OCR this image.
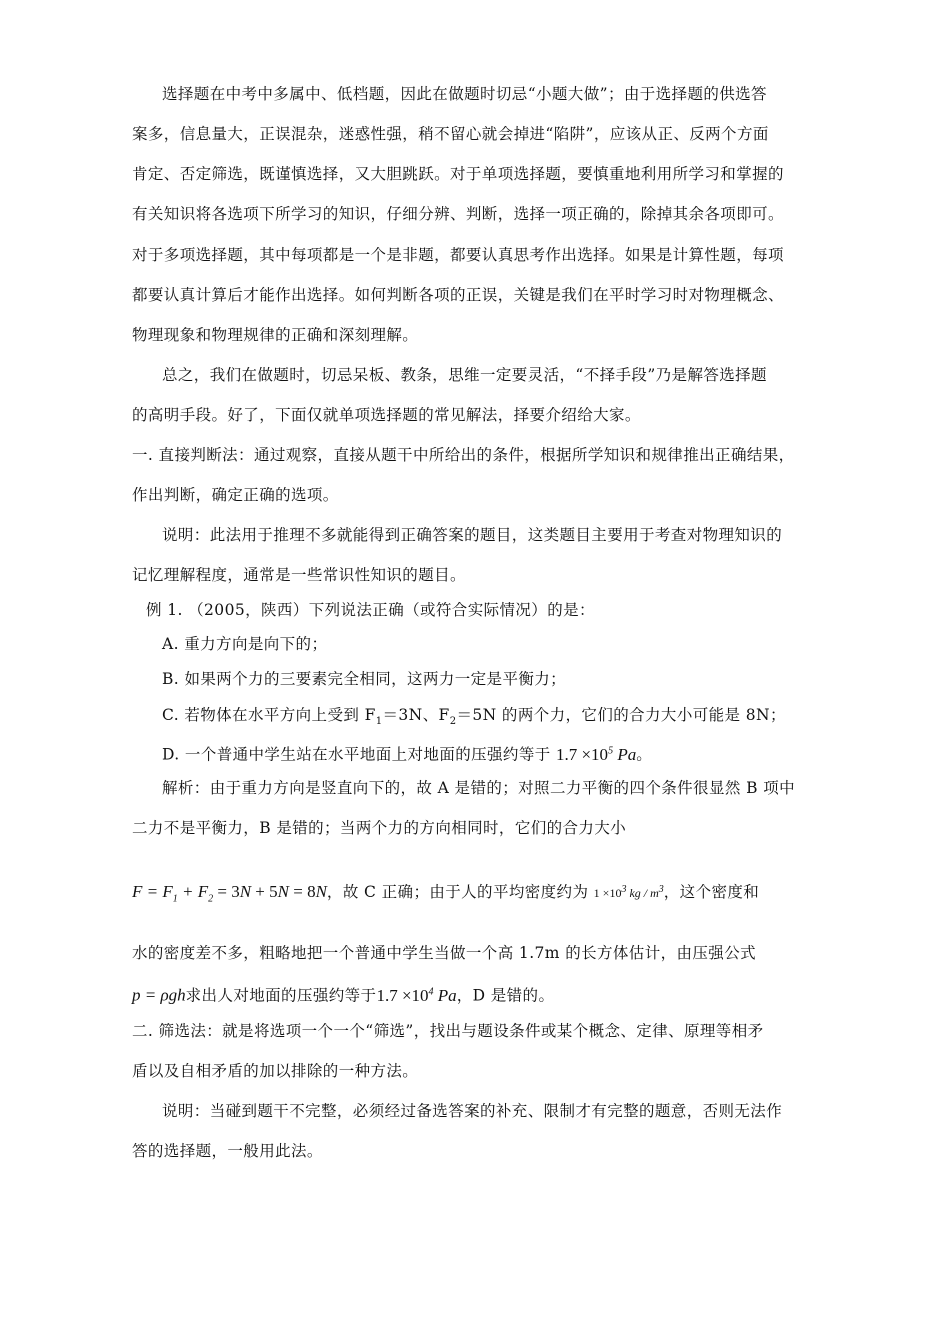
选择题在中考中多属中、低档题，因此在做题时切忌“小题大做”；由于选择题的供选答
案多，信息量大，正误混杂，迷惑性强，稍不留心就会掉进“陷阱”，应该从正、反两个方面
肯定、否定筛选，既谨慎选择，又大胆跳跃。对于单项选择题，要慎重地利用所学习和掌握的
有关知识将各选项下所学习的知识，仔细分辨、判断，选择一项正确的，除掉其余各项即可。
对于多项选择题，其中每项都是一个是非题，都要认真思考作出选择。如果是计算性题，每项
都要认真计算后才能作出选择。如何判断各项的正误，关键是我们在平时学习时对物理概念、
物理现象和物理规律的正确和深刻理解。
总之，我们在做题时，切忌呆板、教条，思维一定要灵活，“不择手段”乃是解答选择题
的高明手段。好了，下面仅就单项选择题的常见解法，择要介绍给大家。
一. 直接判断法：通过观察，直接从题干中所给出的条件，根据所学知识和规律推出正确结果，
作出判断，确定正确的选项。
说明：此法用于推理不多就能得到正确答案的题目，这类题目主要用于考查对物理知识的
记忆理解程度，通常是一些常识性知识的题目。
例 1. （2005，陕西）下列说法正确（或符合实际情况）的是：
A. 重力方向是向下的；
B. 如果两个力的三要素完全相同，这两力一定是平衡力；
C. 若物体在水平方向上受到 $F_1=3N$、$F_2=5N$ 的两个力，它们的合力大小可能是 8N；
D. 一个普通中学生站在水平地面上对地面的压强约等于 $1.7 \times 10^5$ Pa。
解析：由于重力方向是竖直向下的，故 A 是错的；对照二力平衡的四个条件很显然 B 项中
二力不是平衡力，B 是错的；当两个力的方向相同时，它们的合力大小
$F = F_1 + F_2 = 3N + 5N = 8N$，故 C 正确；由于人的平均密度约为 $1 \times 10^3$ kg / $m^3$，这个密度和
水的密度差不多，粗略地把一个普通中学生当做一个高 1.7m 的长方体估计，由压强公式
p = ρgh求出人对地面的压强约等于$1.7 \times 10^4$ Pa，D 是错的。
二. 筛选法：就是将选项一个一个“筛选”，找出与题设条件或某个概念、定律、原理等相矛
盾以及自相矛盾的加以排除的一种方法。
说明：当碰到题干不完整，必须经过备选答案的补充、限制才有完整的题意，否则无法作
答的选择题，一般用此法。
